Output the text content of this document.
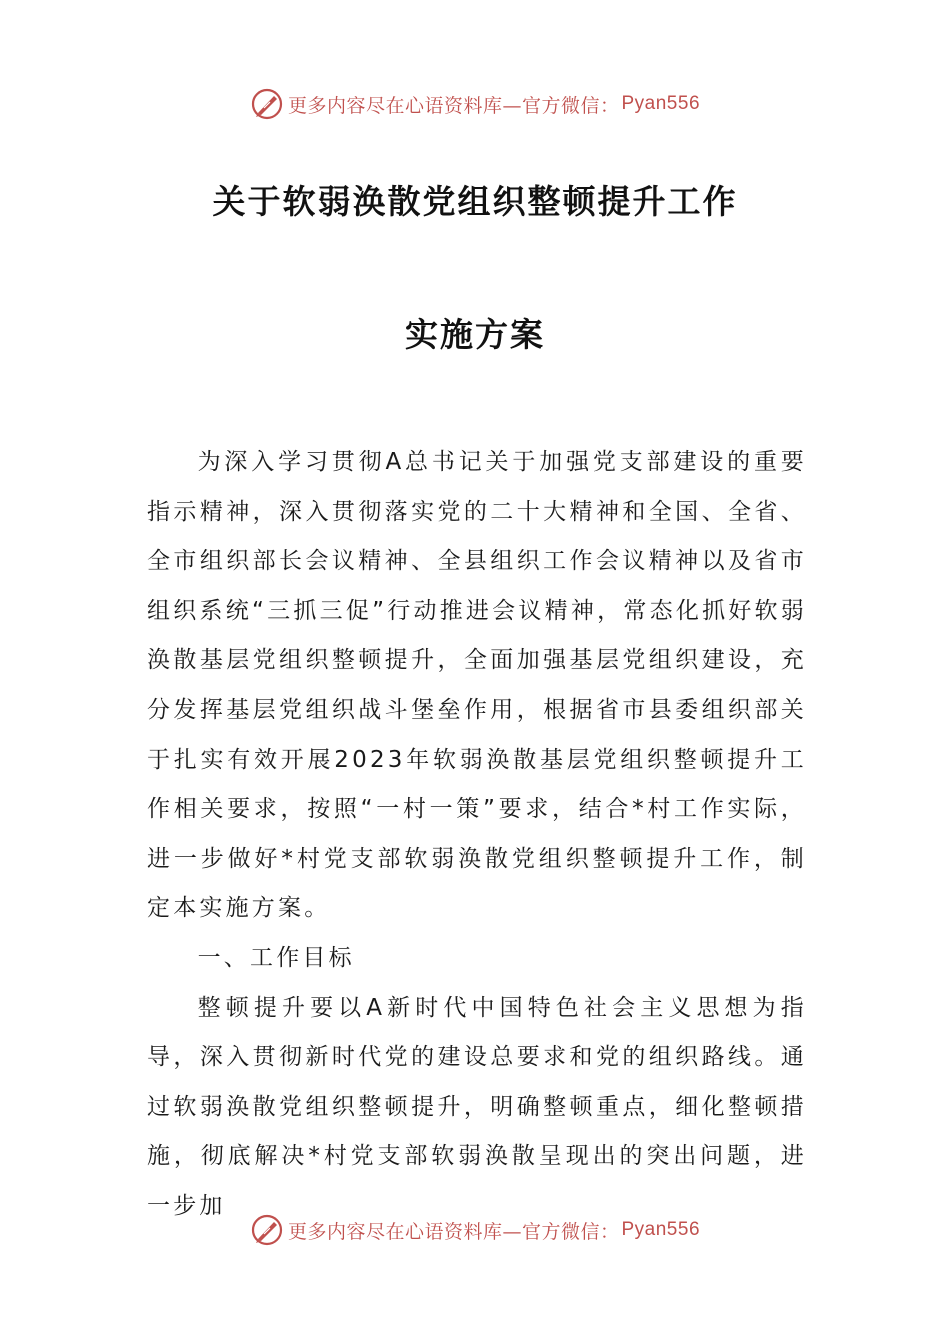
更多内容尽在心语资料库—官方微信： Pyan556
关于软弱涣散党组织整顿提升工作
实施方案

为深入学习贯彻A总书记关于加强党支部建设的重要指示精神，深入贯彻落实党的二十大精神和全国、全省、全市组织部长会议精神、全县组织工作会议精神以及省市组织系统“三抓三促”行动推进会议精神，常态化抓好软弱涣散基层党组织整顿提升，全面加强基层党组织建设，充分发挥基层党组织战斗堡垒作用，根据省市县委组织部关于扎实有效开展2023年软弱涣散基层党组织整顿提升工作相关要求，按照“一村一策”要求，结合*村工作实际，进一步做好*村党支部软弱涣散党组织整顿提升工作，制定本实施方案。

一、工作目标

整顿提升要以A新时代中国特色社会主义思想为指导，深入贯彻新时代党的建设总要求和党的组织路线。通过软弱涣散党组织整顿提升，明确整顿重点，细化整顿措施，彻底解决*村党支部软弱涣散呈现出的突出问题，进一步加

更多内容尽在心语资料库—官方微信： Pyan556
